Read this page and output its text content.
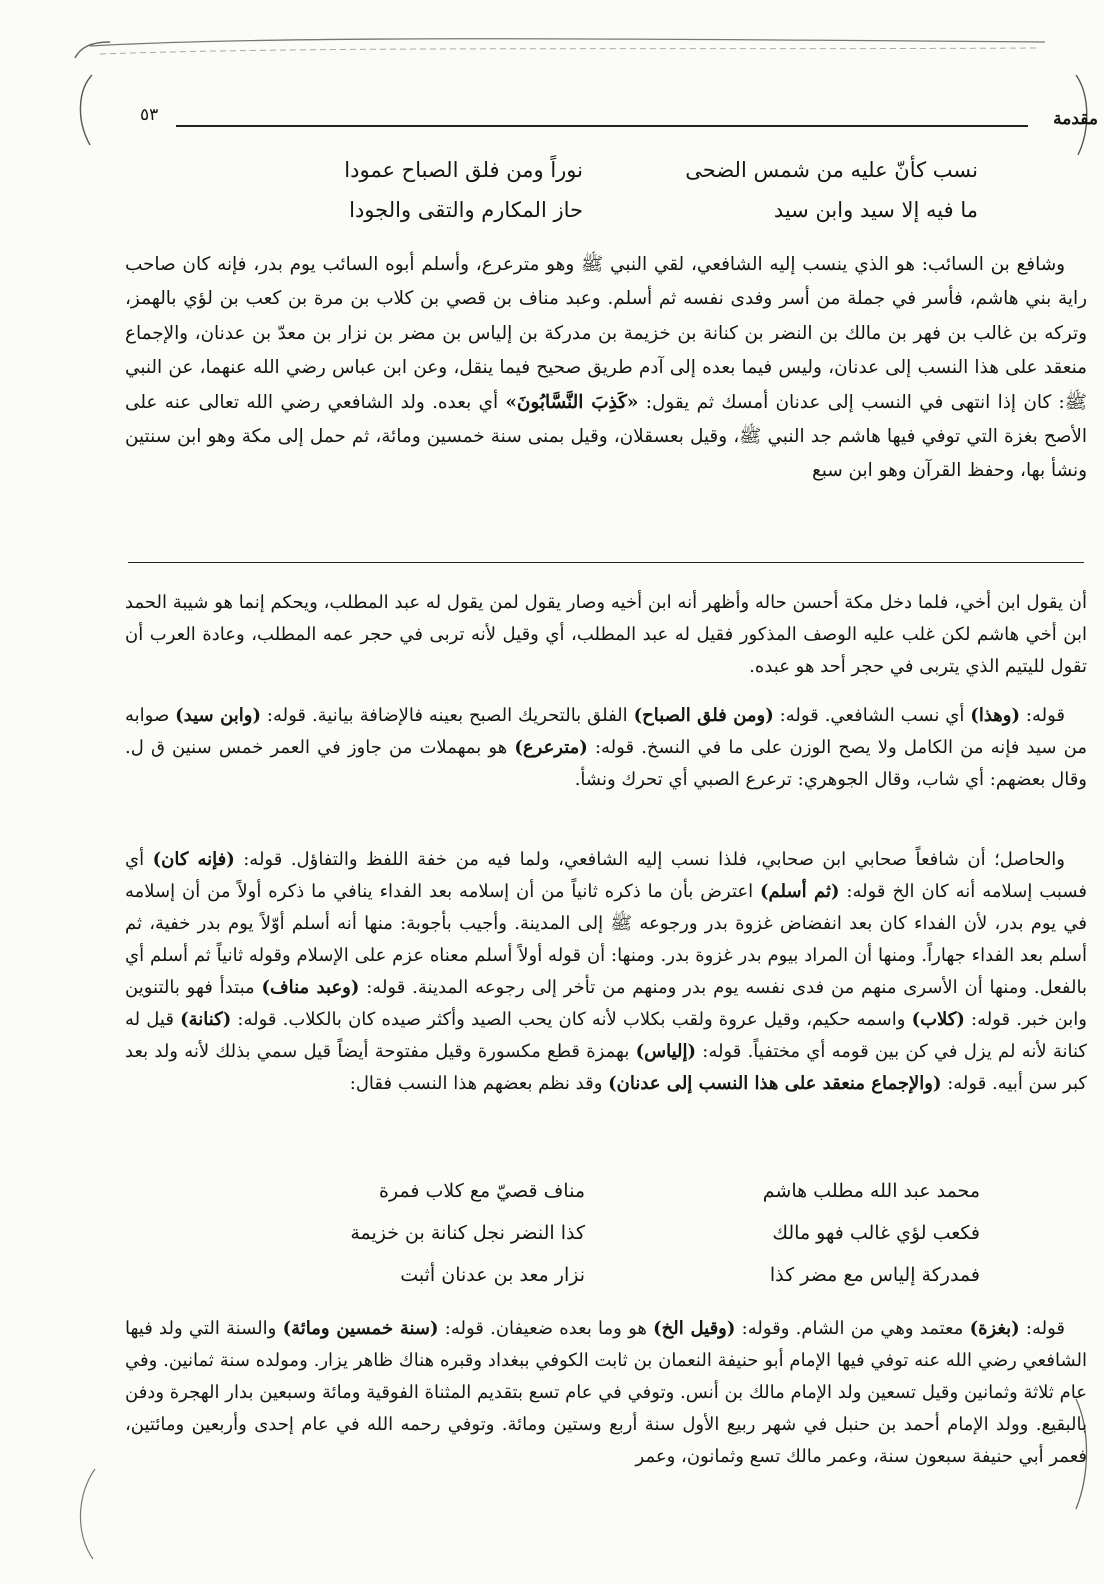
٥٣	مقدمة
نسب كأنّ عليه من شمس الضحى
نوراً ومن فلق الصباح عمودا
ما فيه إلا سيد وابن سيد
حاز المكارم والتقى والجودا

وشافع بن السائب: هو الذي ينسب إليه الشافعي، لقي النبي ﷺ وهو مترعرع، وأسلم أبوه السائب يوم بدر، فإنه كان صاحب راية بني هاشم، فأسر في جملة من أسر وفدى نفسه ثم أسلم. وعبد مناف بن قصي بن كلاب بن مرة بن كعب بن لؤي بالهمز، وتركه بن غالب بن فهر بن مالك بن النضر بن كنانة بن خزيمة بن مدركة بن إلياس بن مضر بن نزار بن معدّ بن عدنان، والإجماع منعقد على هذا النسب إلى عدنان، وليس فيما بعده إلى آدم طريق صحيح فيما ينقل، وعن ابن عباس رضي الله عنهما، عن النبي ﷺ: كان إذا انتهى في النسب إلى عدنان أمسك ثم يقول: «كَذِبَ النَّسَّابُونَ» أي بعده. ولد الشافعي رضي الله تعالى عنه على الأصح بغزة التي توفي فيها هاشم جد النبي ﷺ، وقيل بعسقلان، وقيل بمنى سنة خمسين ومائة، ثم حمل إلى مكة وهو ابن سنتين ونشأ بها، وحفظ القرآن وهو ابن سبع

أن يقول ابن أخي، فلما دخل مكة أحسن حاله وأظهر أنه ابن أخيه وصار يقول لمن يقول له عبد المطلب، ويحكم إنما هو شيبة الحمد ابن أخي هاشم لكن غلب عليه الوصف المذكور فقيل له عبد المطلب، أي وقيل لأنه تربى في حجر عمه المطلب، وعادة العرب أن تقول لليتيم الذي يتربى في حجر أحد هو عبده.

قوله: (وهذا) أي نسب الشافعي. قوله: (ومن فلق الصباح) الفلق بالتحريك الصبح بعينه فالإضافة بيانية. قوله: (وابن سيد) صوابه من سيد فإنه من الكامل ولا يصح الوزن على ما في النسخ. قوله: (مترعرع) هو بمهملات من جاوز في العمر خمس سنين ق ل. وقال بعضهم: أي شاب، وقال الجوهري: ترعرع الصبي أي تحرك ونشأ.

والحاصل؛ أن شافعاً صحابي ابن صحابي، فلذا نسب إليه الشافعي، ولما فيه من خفة اللفظ والتفاؤل. قوله: (فإنه كان) أي فسبب إسلامه أنه كان الخ قوله: (ثم أسلم) اعترض بأن ما ذكره ثانياً من أن إسلامه بعد الفداء ينافي ما ذكره أولاً من أن إسلامه في يوم بدر، لأن الفداء كان بعد انفضاض غزوة بدر ورجوعه ﷺ إلى المدينة. وأجيب بأجوبة: منها أنه أسلم أوّلاً يوم بدر خفية، ثم أسلم بعد الفداء جهاراً. ومنها أن المراد بيوم بدر غزوة بدر. ومنها: أن قوله أولاً أسلم معناه عزم على الإسلام وقوله ثانياً ثم أسلم أي بالفعل. ومنها أن الأسرى منهم من فدى نفسه يوم بدر ومنهم من تأخر إلى رجوعه المدينة. قوله: (وعبد مناف) مبتدأ فهو بالتنوين وابن خبر. قوله: (كلاب) واسمه حكيم، وقيل عروة ولقب بكلاب لأنه كان يحب الصيد وأكثر صيده كان بالكلاب. قوله: (كنانة) قيل له كنانة لأنه لم يزل في كن بين قومه أي مختفياً. قوله: (إلياس) بهمزة قطع مكسورة وقيل مفتوحة أيضاً قيل سمي بذلك لأنه ولد بعد كبر سن أبيه. قوله: (والإجماع منعقد على هذا النسب إلى عدنان) وقد نظم بعضهم هذا النسب فقال:

محمد عبد الله مطلب هاشم
مناف قصيّ مع كلاب فمرة
فكعب لؤي غالب فهو مالك
كذا النضر نجل كنانة بن خزيمة
فمدركة إلياس مع مضر كذا
نزار معد بن عدنان أثبت

قوله: (بغزة) معتمد وهي من الشام. وقوله: (وقيل الخ) هو وما بعده ضعيفان. قوله: (سنة خمسين ومائة) والسنة التي ولد فيها الشافعي رضي الله عنه توفي فيها الإمام أبو حنيفة النعمان بن ثابت الكوفي ببغداد وقبره هناك ظاهر يزار. ومولده سنة ثمانين. وفي عام ثلاثة وثمانين وقيل تسعين ولد الإمام مالك بن أنس. وتوفي في عام تسع بتقديم المثناة الفوقية ومائة وسبعين بدار الهجرة ودفن بالبقيع. وولد الإمام أحمد بن حنبل في شهر ربيع الأول سنة أربع وستين ومائة. وتوفي رحمه الله في عام إحدى وأربعين ومائتين، فعمر أبي حنيفة سبعون سنة، وعمر مالك تسع وثمانون، وعمر
